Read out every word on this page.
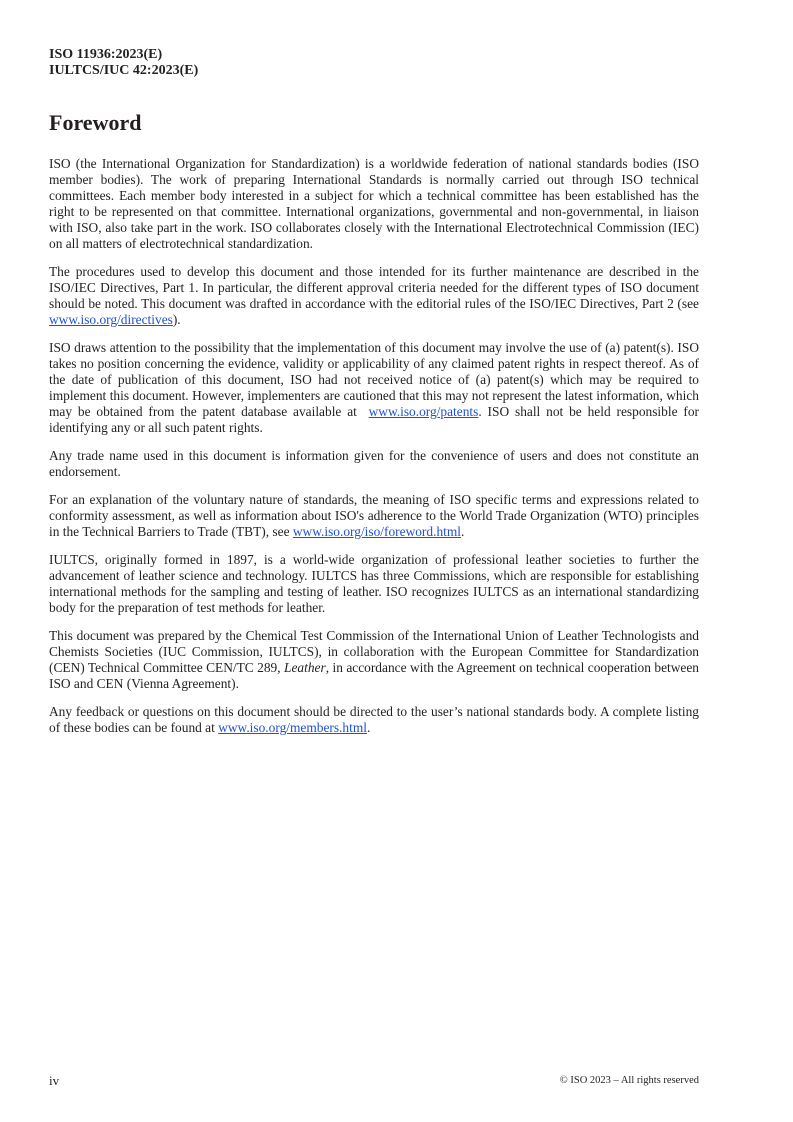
ISO 11936:2023(E)
IULTCS/IUC 42:2023(E)
Foreword

ISO (the International Organization for Standardization) is a worldwide federation of national standards bodies (ISO member bodies). The work of preparing International Standards is normally carried out through ISO technical committees. Each member body interested in a subject for which a technical committee has been established has the right to be represented on that committee. International organizations, governmental and non-governmental, in liaison with ISO, also take part in the work. ISO collaborates closely with the International Electrotechnical Commission (IEC) on all matters of electrotechnical standardization.

The procedures used to develop this document and those intended for its further maintenance are described in the ISO/IEC Directives, Part 1. In particular, the different approval criteria needed for the different types of ISO document should be noted. This document was drafted in accordance with the editorial rules of the ISO/IEC Directives, Part 2 (see www.iso.org/directives).

ISO draws attention to the possibility that the implementation of this document may involve the use of (a) patent(s). ISO takes no position concerning the evidence, validity or applicability of any claimed patent rights in respect thereof. As of the date of publication of this document, ISO had not received notice of (a) patent(s) which may be required to implement this document. However, implementers are cautioned that this may not represent the latest information, which may be obtained from the patent database available at  www.iso.org/patents. ISO shall not be held responsible for identifying any or all such patent rights.

Any trade name used in this document is information given for the convenience of users and does not constitute an endorsement.

For an explanation of the voluntary nature of standards, the meaning of ISO specific terms and expressions related to conformity assessment, as well as information about ISO's adherence to the World Trade Organization (WTO) principles in the Technical Barriers to Trade (TBT), see www.iso.org/iso/foreword.html.

IULTCS, originally formed in 1897, is a world-wide organization of professional leather societies to further the advancement of leather science and technology. IULTCS has three Commissions, which are responsible for establishing international methods for the sampling and testing of leather. ISO recognizes IULTCS as an international standardizing body for the preparation of test methods for leather.

This document was prepared by the Chemical Test Commission of the International Union of Leather Technologists and Chemists Societies (IUC Commission, IULTCS), in collaboration with the European Committee for Standardization (CEN) Technical Committee CEN/TC 289, Leather, in accordance with the Agreement on technical cooperation between ISO and CEN (Vienna Agreement).

Any feedback or questions on this document should be directed to the user’s national standards body. A complete listing of these bodies can be found at www.iso.org/members.html.

iv	© ISO 2023 – All rights reserved
